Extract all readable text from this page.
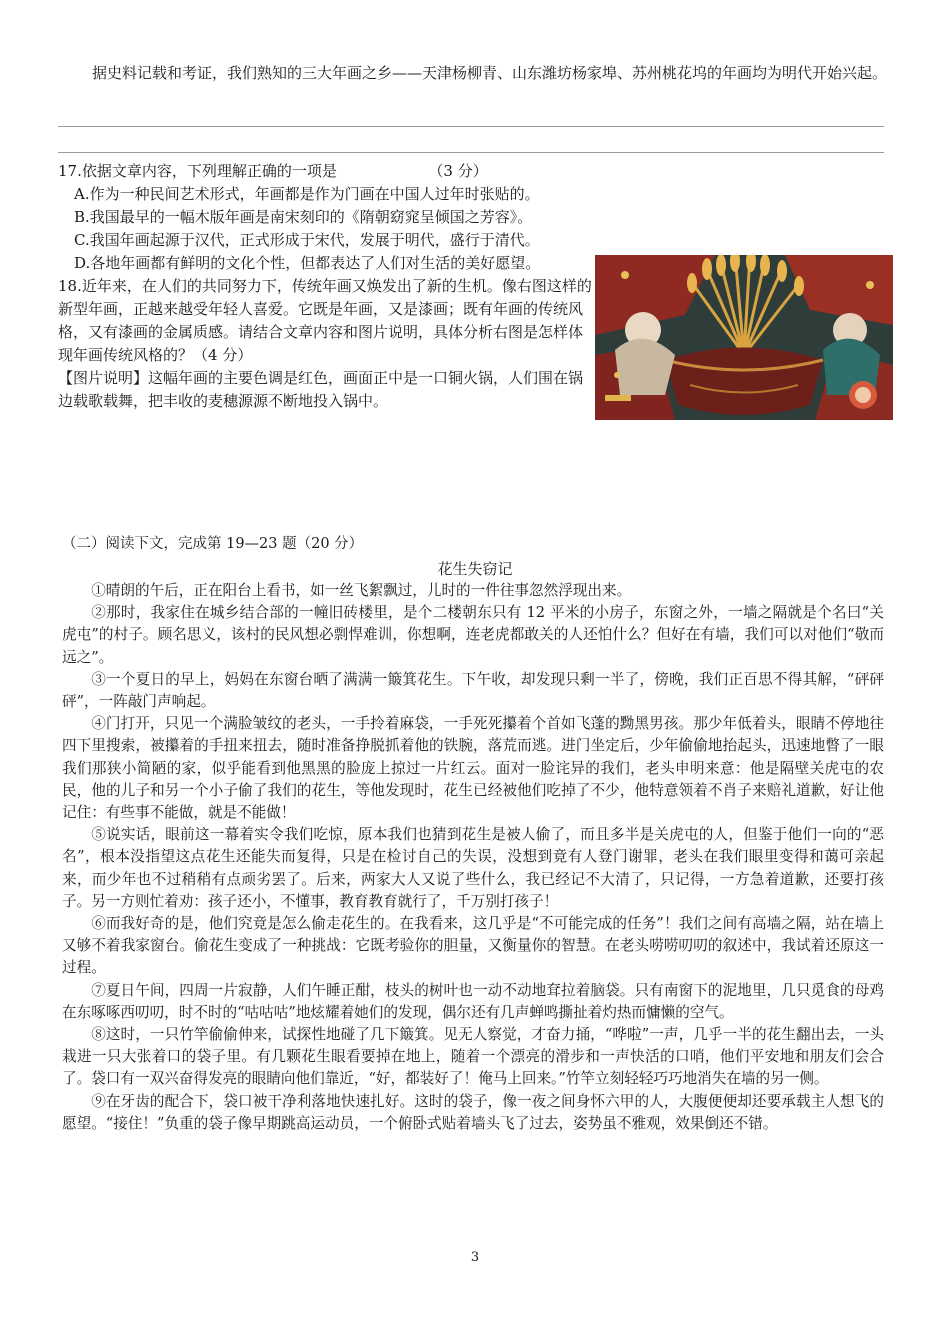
据史料记载和考证，我们熟知的三大年画之乡——天津杨柳青、山东潍坊杨家埠、苏州桃花坞的年画均为明代开始兴起。
17.依据文章内容，下列理解正确的一项是	（3 分）
A.作为一种民间艺术形式，年画都是作为门画在中国人过年时张贴的。
B.我国最早的一幅木版年画是南宋刻印的《隋朝窈窕呈倾国之芳容》。
C.我国年画起源于汉代，正式形成于宋代，发展于明代，盛行于清代。
D.各地年画都有鲜明的文化个性，但都表达了人们对生活的美好愿望。
18.近年来，在人们的共同努力下，传统年画又焕发出了新的生机。像右图这样的新型年画，正越来越受年轻人喜爱。它既是年画，又是漆画；既有年画的传统风格，又有漆画的金属质感。请结合文章内容和图片说明，具体分析右图是怎样体现年画传统风格的？（4 分）
【图片说明】这幅年画的主要色调是红色，画面正中是一口铜火锅，人们围在锅边载歌载舞，把丰收的麦穗源源不断地投入锅中。
（二）阅读下文，完成第 19—23 题（20 分）
花生失窃记

①晴朗的午后，正在阳台上看书，如一丝飞絮飘过，儿时的一件往事忽然浮现出来。

②那时，我家住在城乡结合部的一幢旧砖楼里，是个二楼朝东只有 12 平米的小房子，东窗之外，一墙之隔就是个名曰“关虎屯”的村子。顾名思义，该村的民风想必剽悍难训，你想啊，连老虎都敢关的人还怕什么？但好在有墙，我们可以对他们“敬而远之”。

③一个夏日的早上，妈妈在东窗台晒了满满一簸箕花生。下午收，却发现只剩一半了，傍晚，我们正百思不得其解，“砰砰砰”，一阵敲门声响起。

④门打开，只见一个满脸皱纹的老头，一手拎着麻袋，一手死死攥着个首如飞蓬的黝黑男孩。那少年低着头，眼睛不停地往四下里搜索，被攥着的手扭来扭去，随时准备挣脱抓着他的铁腕，落荒而逃。进门坐定后，少年偷偷地抬起头，迅速地瞥了一眼我们那狭小简陋的家，似乎能看到他黑黑的脸庞上掠过一片红云。面对一脸诧异的我们，老头申明来意：他是隔壁关虎屯的农民，他的儿子和另一个小子偷了我们的花生，等他发现时，花生已经被他们吃掉了不少，他特意领着不肖子来赔礼道歉，好让他记住：有些事不能做，就是不能做！

⑤说实话，眼前这一幕着实令我们吃惊，原本我们也猜到花生是被人偷了，而且多半是关虎屯的人，但鉴于他们一向的“恶名”，根本没指望这点花生还能失而复得，只是在检讨自己的失误，没想到竟有人登门谢罪，老头在我们眼里变得和蔼可亲起来，而少年也不过稍稍有点顽劣罢了。后来，两家大人又说了些什么，我已经记不大清了，只记得，一方急着道歉，还要打孩子。另一方则忙着劝：孩子还小，不懂事，教育教育就行了，千万别打孩子！

⑥而我好奇的是，他们究竟是怎么偷走花生的。在我看来，这几乎是“不可能完成的任务”！我们之间有高墙之隔，站在墙上又够不着我家窗台。偷花生变成了一种挑战：它既考验你的胆量，又衡量你的智慧。在老头唠唠叨叨的叙述中，我试着还原这一过程。

⑦夏日午间，四周一片寂静，人们午睡正酣，枝头的树叶也一动不动地耷拉着脑袋。只有南窗下的泥地里，几只觅食的母鸡在东啄啄西叨叨，时不时的“咕咕咕”地炫耀着她们的发现，偶尔还有几声蝉鸣撕扯着灼热而慵懒的空气。

⑧这时，一只竹竿偷偷伸来，试探性地碰了几下簸箕。见无人察觉，才奋力捅，“哗啦”一声，几乎一半的花生翻出去，一头栽进一只大张着口的袋子里。有几颗花生眼看要掉在地上，随着一个漂亮的滑步和一声快活的口哨，他们平安地和朋友们会合了。袋口有一双兴奋得发亮的眼睛向他们靠近，“好，都装好了！俺马上回来。”竹竿立刻轻轻巧巧地消失在墙的另一侧。

⑨在牙齿的配合下，袋口被干净利落地快速扎好。这时的袋子，像一夜之间身怀六甲的人，大腹便便却还要承载主人想飞的愿望。“接住！”负重的袋子像早期跳高运动员，一个俯卧式贴着墙头飞了过去，姿势虽不雅观，效果倒还不错。

3
